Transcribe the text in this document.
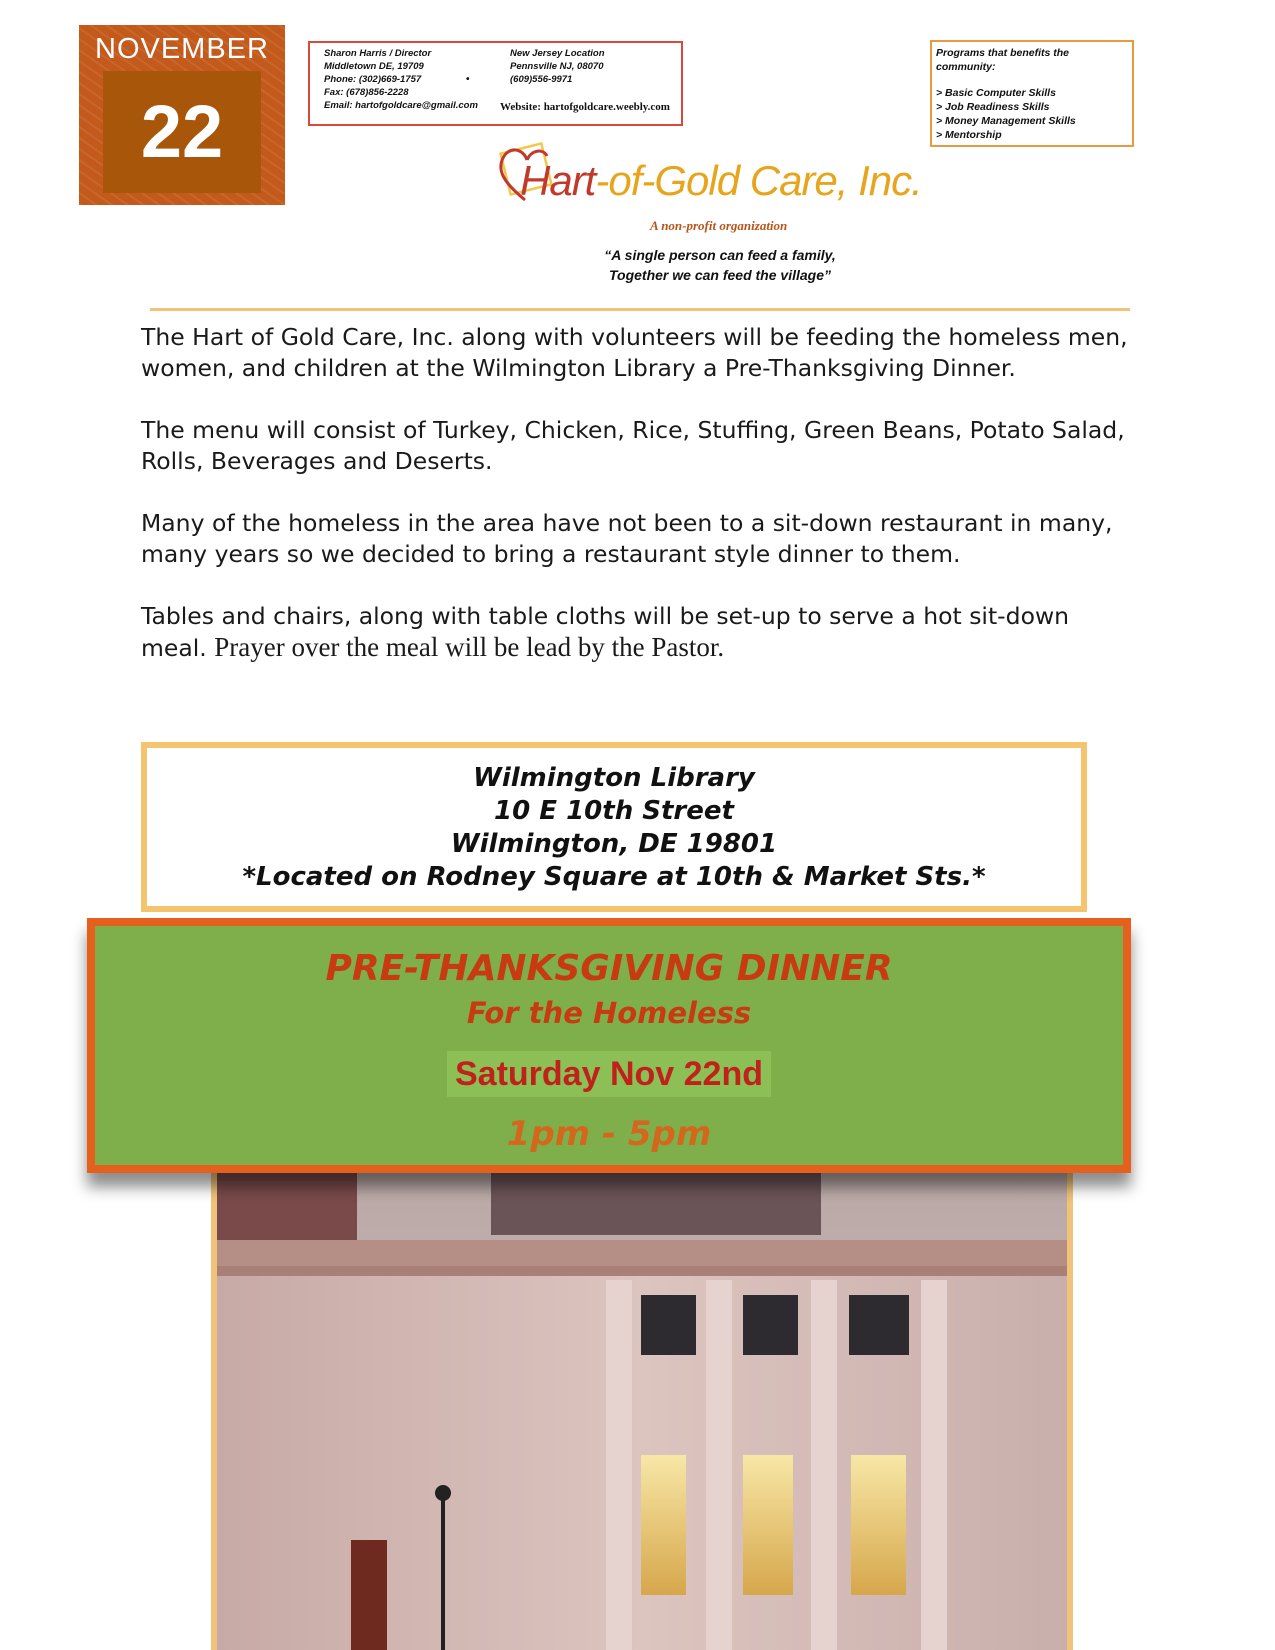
NOVEMBER
22
Sharon Harris / Director
Middletown DE, 19709
Phone: (302)669-1757
Fax: (678)856-2228
Email: hartofgoldcare@gmail.com
•
New Jersey Location
Pennsville NJ, 08070
(609)556-9971
Website: hartofgoldcare.weebly.com
Programs that benefits the community:
> Basic Computer Skills
> Job Readiness Skills
> Money Management Skills
> Mentorship
Hart-of-Gold Care, Inc.
A non-profit organization
“A single person can feed a family,
Together we can feed the village”

The Hart of Gold Care, Inc. along with volunteers will be feeding the homeless men, women, and children at the Wilmington Library a Pre-Thanksgiving Dinner.

The menu will consist of Turkey, Chicken, Rice, Stuffing, Green Beans, Potato Salad, Rolls, Beverages and Deserts.

Many of the homeless in the area have not been to a sit-down restaurant in many, many years so we decided to bring a restaurant style dinner to them.

Tables and chairs, along with table cloths will be set-up to serve a hot sit-down meal. Prayer over the meal will be lead by the Pastor.

Wilmington Library
10 E 10th Street
Wilmington, DE 19801
*Located on Rodney Square at 10th & Market Sts.*
PRE-THANKSGIVING DINNER
For the Homeless
Saturday Nov 22nd
1pm - 5pm
